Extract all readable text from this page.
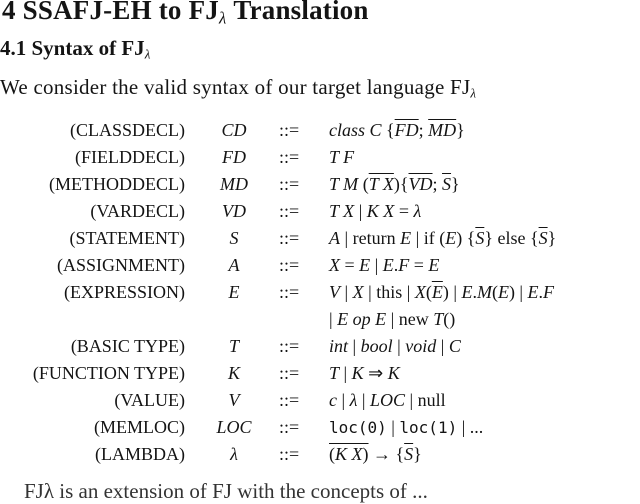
4 SSAFJ-EH to $FJ_\lambda$ Translation
4.1 Syntax of $FJ_\lambda$
We consider the valid syntax of our target language $FJ_\lambda$
(CLASSDECL)	CD	::= class C {$\overline{FD}$; $\overline{MD}$}
(FIELDDECL)	FD	::= T F
(METHODDECL)	MD	::= T M (T $X)\{\overline{VD}$; $\overline{S}$}
(VARDECL)	VD	::= T X | K X = λ
(STATEMENT)	S	::= A | return E | if (E) $\{\overline{S}\}$ else $\{\overline{S}\}$
(ASSIGNMENT)	A	::= X = E | E.F = E
(EXPRESSION)	E	::= V | X | this | $X(\overline{E})$ | E.M(E) | E.F
| E op E | new T()
(BASIC TYPE)	T	::= int | bool | void | C
(FUNCTION TYPE)	K	::= T | K ⇒ K
(VALUE)	V	::= c | λ | LOC | null
(MEMLOC) LOC ::= loc(0) | loc(1) | ...
(LAMBDA)	λ	::= (K $X) \to \{\overline{S}\}$
FJλ is an extension of FJ with the concepts of ...
